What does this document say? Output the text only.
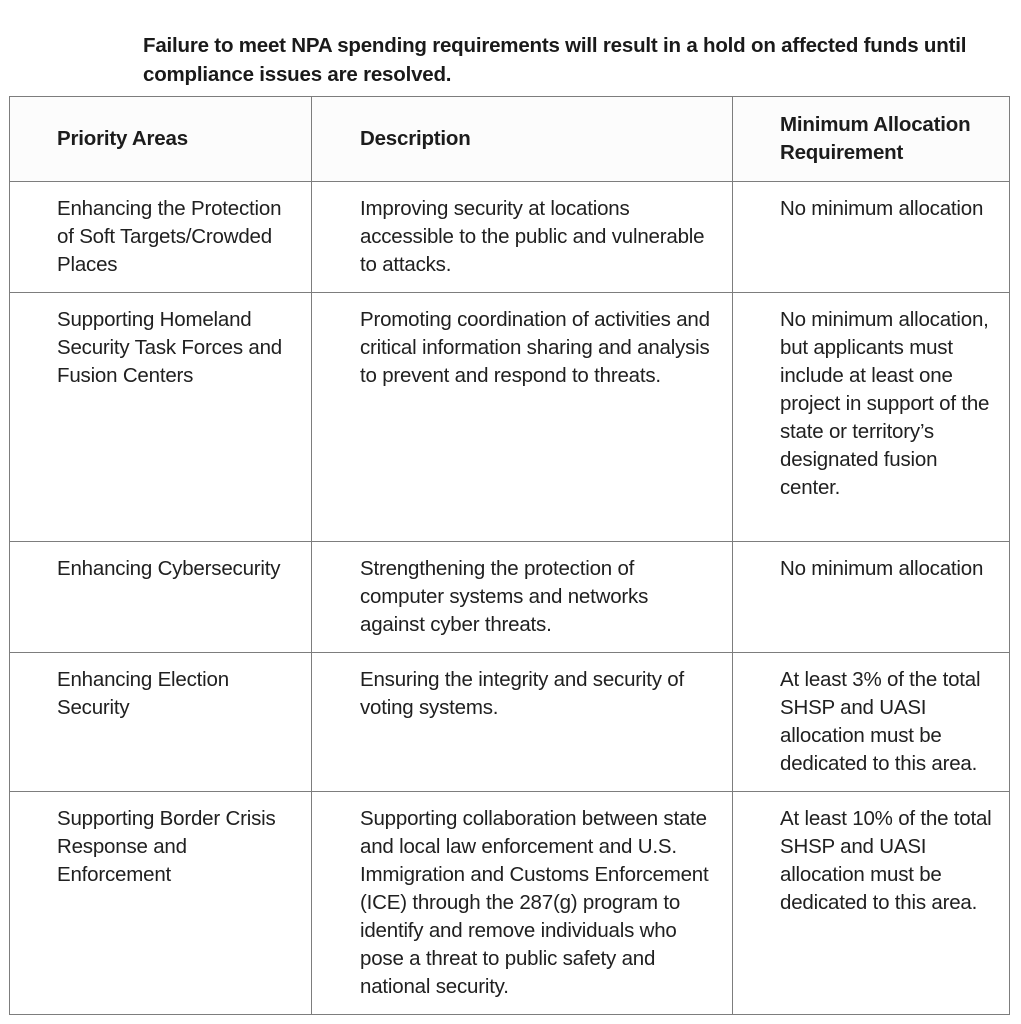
Failure to meet NPA spending requirements will result in a hold on affected funds until compliance issues are resolved.

Priority Areas	Description	Minimum Allocation Requirement
Enhancing the Protection of Soft Targets/Crowded Places	Improving security at locations accessible to the public and vulnerable to attacks.	No minimum allocation
Supporting Homeland Security Task Forces and Fusion Centers	Promoting coordination of activities and critical information sharing and analysis to prevent and respond to threats.	No minimum allocation, but applicants must include at least one project in support of the state or territory’s designated fusion center.
Enhancing Cybersecurity	Strengthening the protection of computer systems and networks against cyber threats.	No minimum allocation
Enhancing Election Security	Ensuring the integrity and security of voting systems.	At least 3% of the total SHSP and UASI allocation must be dedicated to this area.
Supporting Border Crisis Response and Enforcement	Supporting collaboration between state and local law enforcement and U.S. Immigration and Customs Enforcement (ICE) through the 287(g) program to identify and remove individuals who pose a threat to public safety and national security.	At least 10% of the total SHSP and UASI allocation must be dedicated to this area.
